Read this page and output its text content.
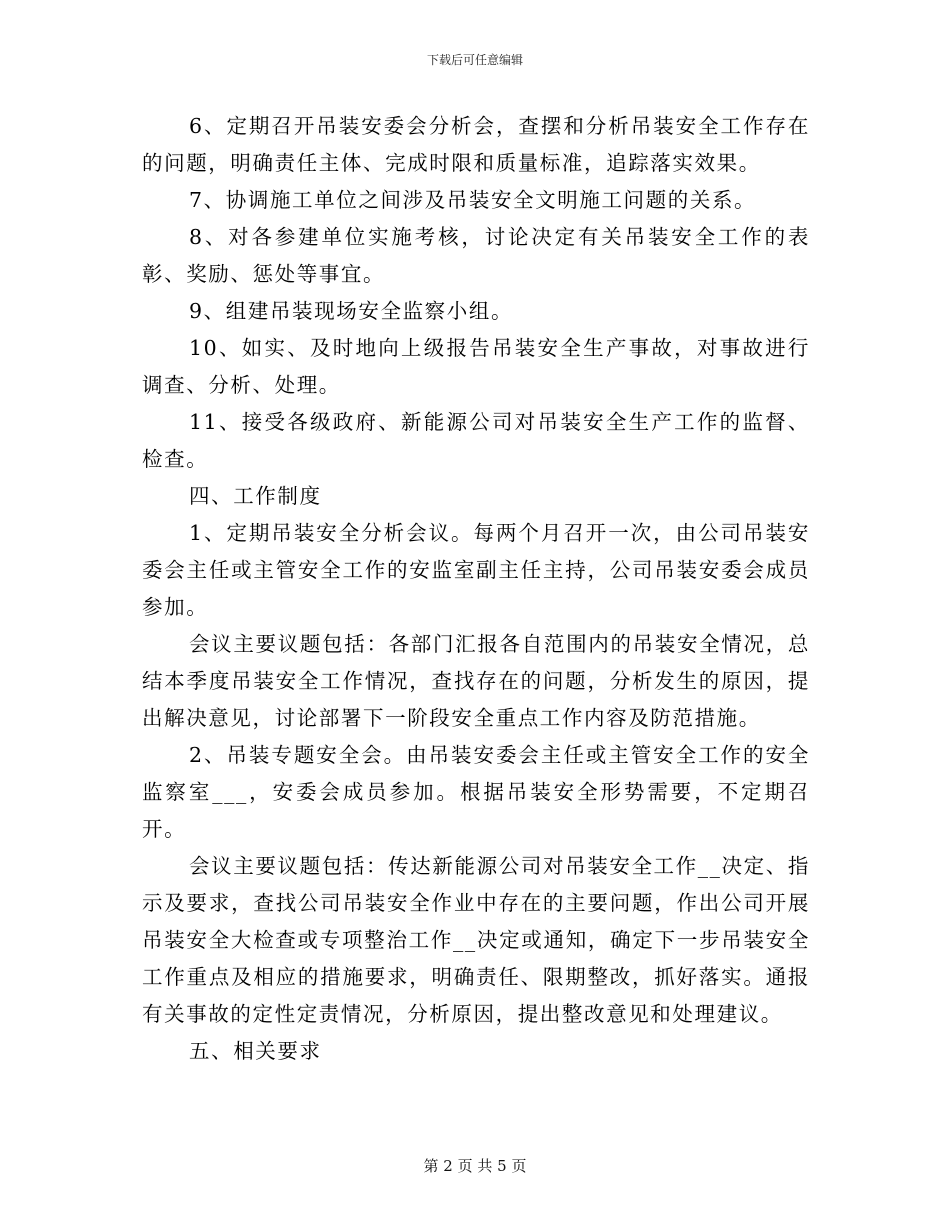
下载后可任意编辑

6、定期召开吊装安委会分析会，查摆和分析吊装安全工作存在的问题，明确责任主体、完成时限和质量标准，追踪落实效果。

7、协调施工单位之间涉及吊装安全文明施工问题的关系。

8、对各参建单位实施考核，讨论决定有关吊装安全工作的表彰、奖励、惩处等事宜。

9、组建吊装现场安全监察小组。

10、如实、及时地向上级报告吊装安全生产事故，对事故进行调查、分析、处理。

11、接受各级政府、新能源公司对吊装安全生产工作的监督、检查。

四、工作制度

1、定期吊装安全分析会议。每两个月召开一次，由公司吊装安委会主任或主管安全工作的安监室副主任主持，公司吊装安委会成员参加。

会议主要议题包括：各部门汇报各自范围内的吊装安全情况，总结本季度吊装安全工作情况，查找存在的问题，分析发生的原因，提出解决意见，讨论部署下一阶段安全重点工作内容及防范措施。

2、吊装专题安全会。由吊装安委会主任或主管安全工作的安全监察室___，安委会成员参加。根据吊装安全形势需要，不定期召开。

会议主要议题包括：传达新能源公司对吊装安全工作__决定、指示及要求，查找公司吊装安全作业中存在的主要问题，作出公司开展吊装安全大检查或专项整治工作__决定或通知，确定下一步吊装安全工作重点及相应的措施要求，明确责任、限期整改，抓好落实。通报有关事故的定性定责情况，分析原因，提出整改意见和处理建议。

五、相关要求

第 2 页 共 5 页
